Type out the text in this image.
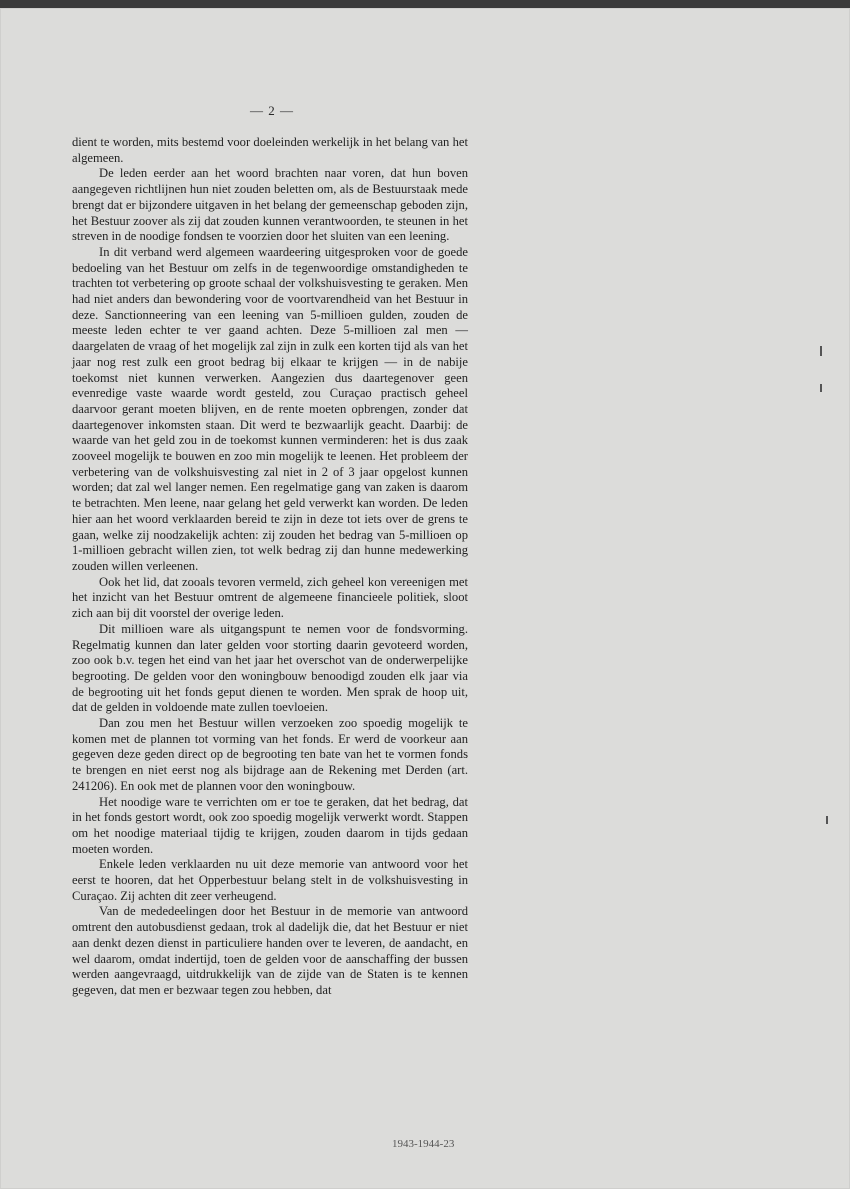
— 2 —

dient te worden, mits bestemd voor doeleinden werkelijk in het belang van het algemeen.

De leden eerder aan het woord brachten naar voren, dat hun boven aangegeven richtlijnen hun niet zouden beletten om, als de Bestuurstaak mede brengt dat er bijzondere uitgaven in het belang der gemeenschap geboden zijn, het Bestuur zoover als zij dat zouden kunnen verantwoorden, te steunen in het streven in de noodige fondsen te voorzien door het sluiten van een leening.

In dit verband werd algemeen waardeering uitgesproken voor de goede bedoeling van het Bestuur om zelfs in de tegenwoordige omstandigheden te trachten tot verbetering op groote schaal der volkshuisvesting te geraken. Men had niet anders dan bewondering voor de voortvarendheid van het Bestuur in deze. Sanctionneering van een leening van 5-millioen gulden, zouden de meeste leden echter te ver gaand achten. Deze 5-millioen zal men — daargelaten de vraag of het mogelijk zal zijn in zulk een korten tijd als van het jaar nog rest zulk een groot bedrag bij elkaar te krijgen — in de nabije toekomst niet kunnen verwerken. Aangezien dus daartegenover geen evenredige vaste waarde wordt gesteld, zou Curaçao practisch geheel daarvoor gerant moeten blijven, en de rente moeten opbrengen, zonder dat daartegenover inkomsten staan. Dit werd te bezwaarlijk geacht. Daarbij: de waarde van het geld zou in de toekomst kunnen verminderen: het is dus zaak zooveel mogelijk te bouwen en zoo min mogelijk te leenen. Het probleem der verbetering van de volkshuisvesting zal niet in 2 of 3 jaar opgelost kunnen worden; dat zal wel langer nemen. Een regelmatige gang van zaken is daarom te betrachten. Men leene, naar gelang het geld verwerkt kan worden. De leden hier aan het woord verklaarden bereid te zijn in deze tot iets over de grens te gaan, welke zij noodzakelijk achten: zij zouden het bedrag van 5-millioen op 1-millioen gebracht willen zien, tot welk bedrag zij dan hunne medewerking zouden willen verleenen.

Ook het lid, dat zooals tevoren vermeld, zich geheel kon vereenigen met het inzicht van het Bestuur omtrent de algemeene financieele politiek, sloot zich aan bij dit voorstel der overige leden.

Dit millioen ware als uitgangspunt te nemen voor de fondsvorming. Regelmatig kunnen dan later gelden voor storting daarin gevoteerd worden, zoo ook b.v. tegen het eind van het jaar het overschot van de onderwerpelijke begrooting. De gelden voor den woningbouw benoodigd zouden elk jaar via de begrooting uit het fonds geput dienen te worden. Men sprak de hoop uit, dat de gelden in voldoende mate zullen toevloeien.

Dan zou men het Bestuur willen verzoeken zoo spoedig mogelijk te komen met de plannen tot vorming van het fonds. Er werd de voorkeur aan gegeven deze geden direct op de begrooting ten bate van het te vormen fonds te brengen en niet eerst nog als bijdrage aan de Rekening met Derden (art. 241206). En ook met de plannen voor den woningbouw.

Het noodige ware te verrichten om er toe te geraken, dat het bedrag, dat in het fonds gestort wordt, ook zoo spoedig mogelijk verwerkt wordt. Stappen om het noodige materiaal tijdig te krijgen, zouden daarom in tijds gedaan moeten worden.

Enkele leden verklaarden nu uit deze memorie van antwoord voor het eerst te hooren, dat het Opperbestuur belang stelt in de volkshuisvesting in Curaçao. Zij achten dit zeer verheugend.

Van de mededeelingen door het Bestuur in de memorie van antwoord omtrent den autobusdienst gedaan, trok al dadelijk die, dat het Bestuur er niet aan denkt dezen dienst in particuliere handen over te leveren, de aandacht, en wel daarom, omdat indertijd, toen de gelden voor de aanschaffing der bussen werden aangevraagd, uitdrukkelijk van de zijde van de Staten is te kennen gegeven, dat men er bezwaar tegen zou hebben, dat

1943-1944-23
